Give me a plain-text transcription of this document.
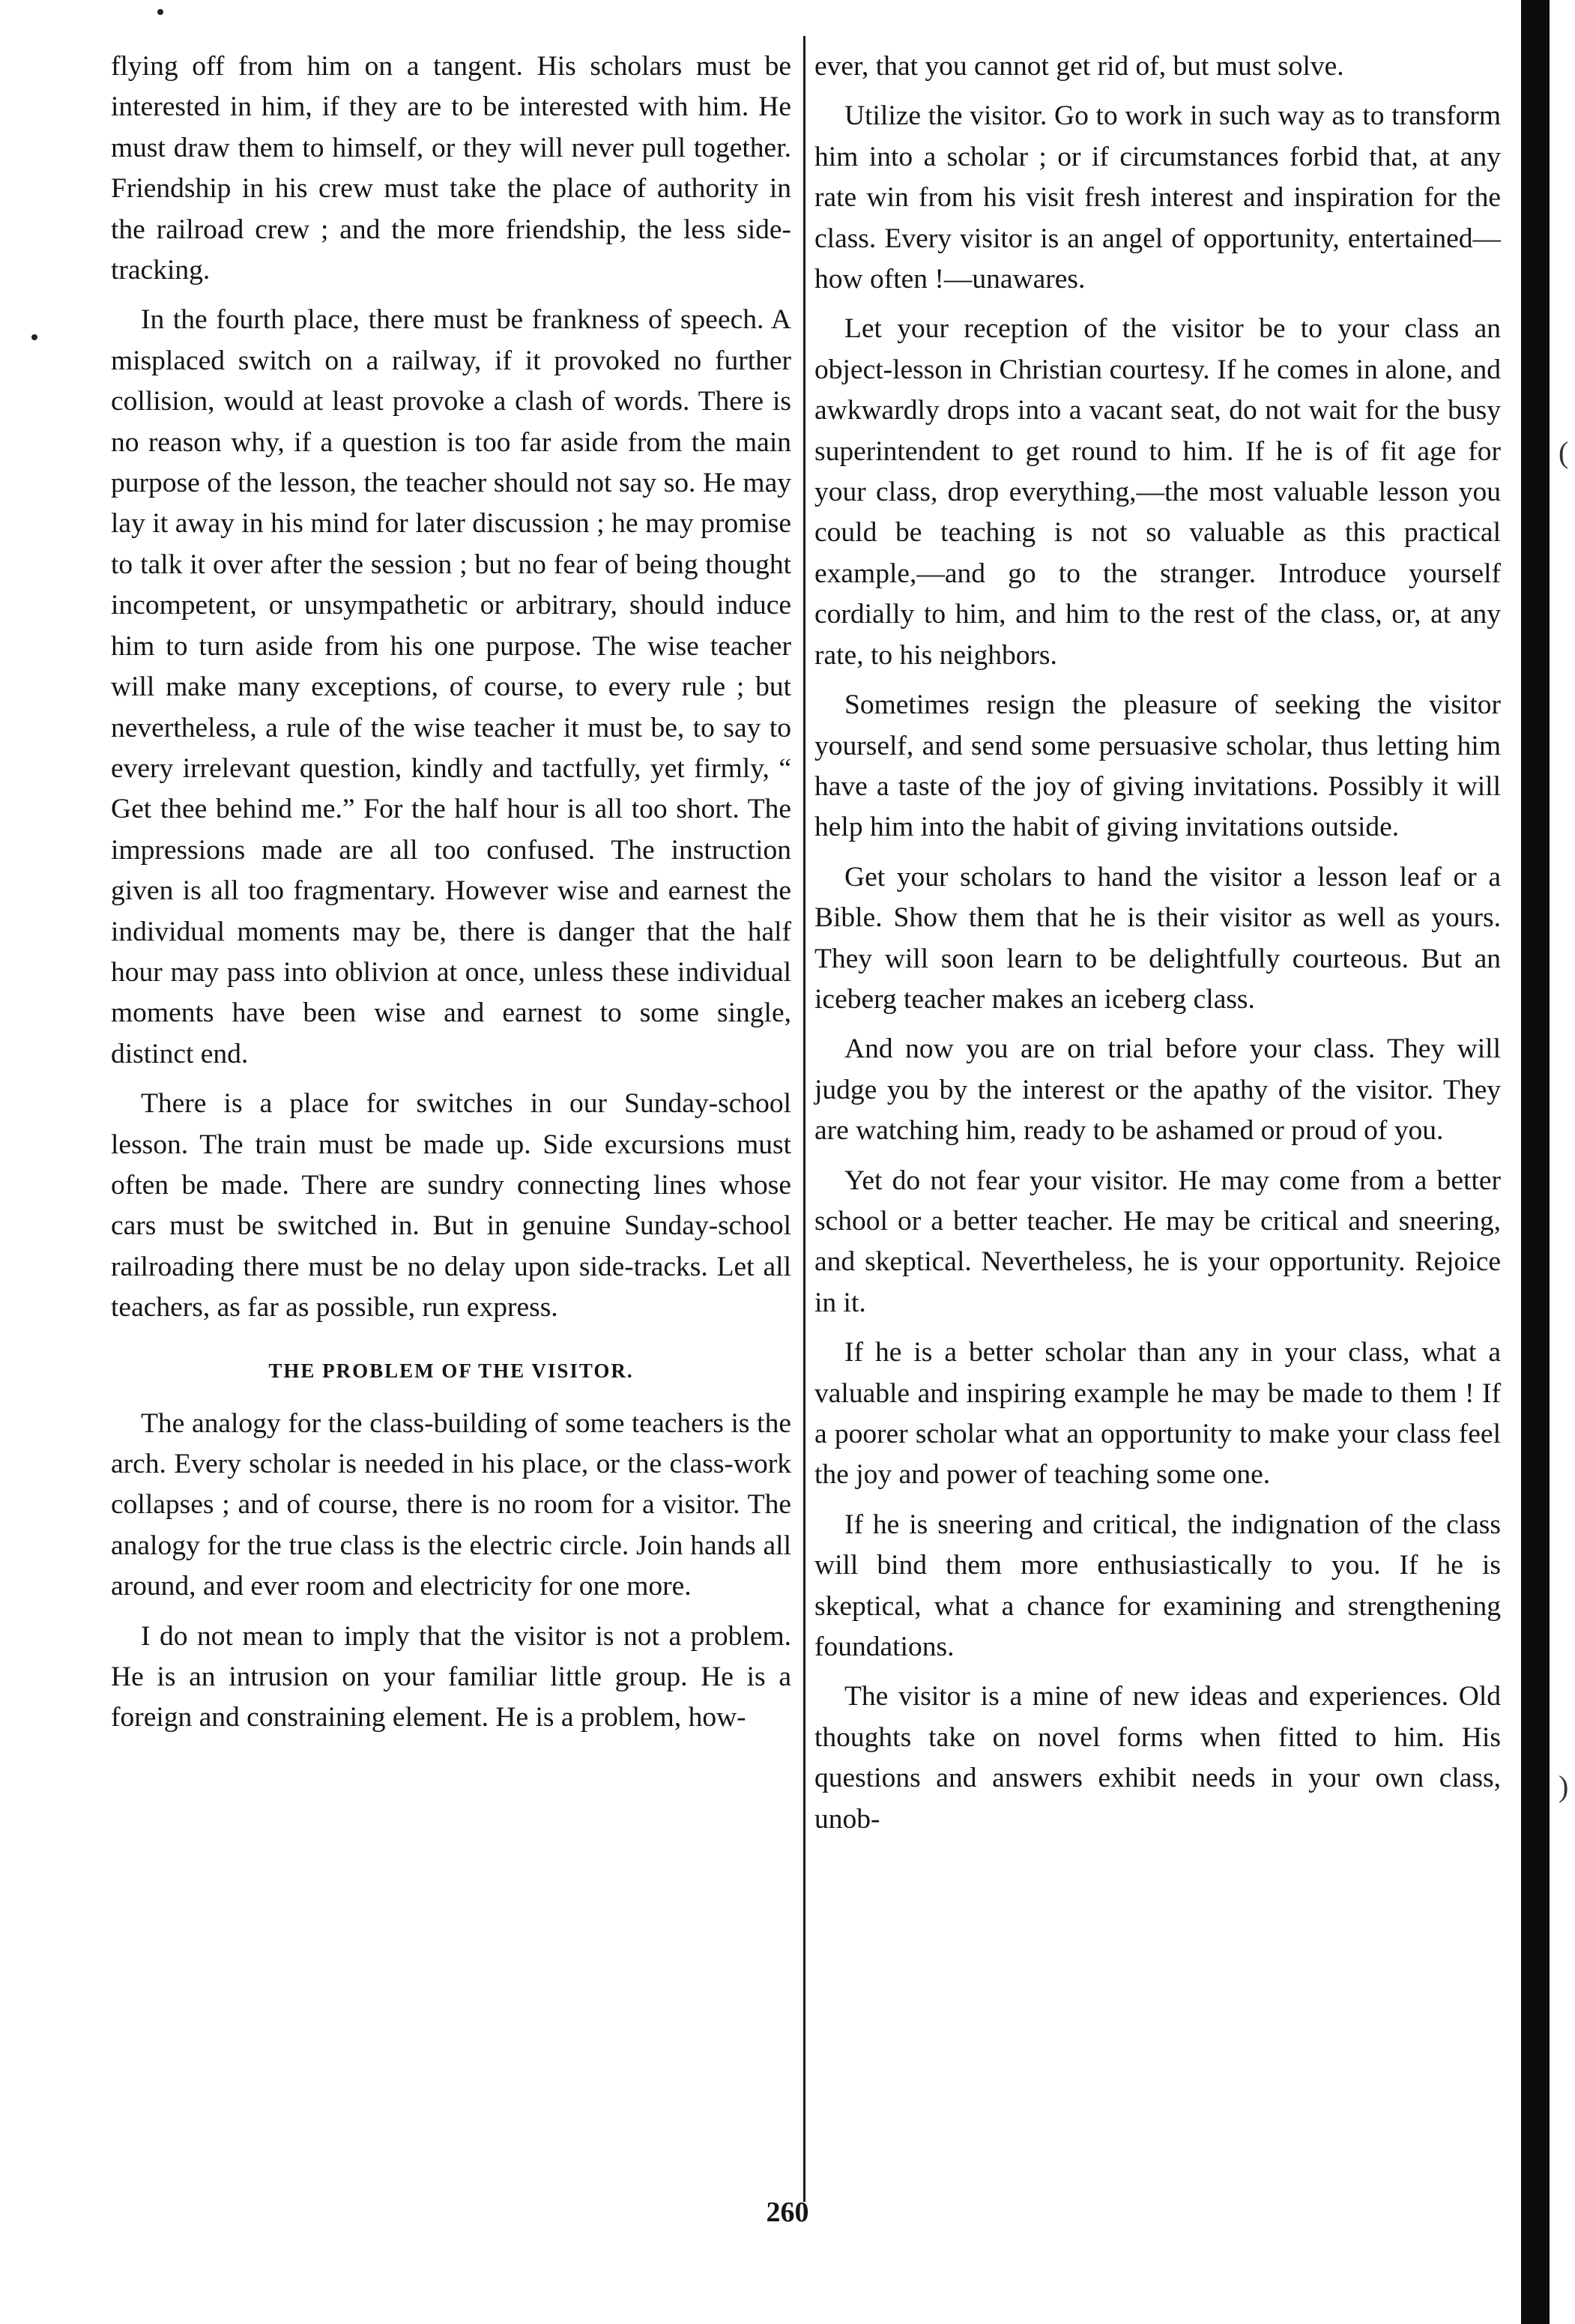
flying off from him on a tangent. His scholars must be interested in him, if they are to be interested with him. He must draw them to himself, or they will never pull together. Friendship in his crew must take the place of authority in the railroad crew ; and the more friendship, the less side-tracking.

In the fourth place, there must be frankness of speech. A misplaced switch on a railway, if it provoked no further collision, would at least provoke a clash of words. There is no reason why, if a question is too far aside from the main purpose of the lesson, the teacher should not say so. He may lay it away in his mind for later discussion ; he may promise to talk it over after the session ; but no fear of being thought incompetent, or unsympathetic or arbitrary, should induce him to turn aside from his one purpose. The wise teacher will make many exceptions, of course, to every rule ; but nevertheless, a rule of the wise teacher it must be, to say to every irrelevant question, kindly and tactfully, yet firmly, “ Get thee behind me.” For the half hour is all too short. The impressions made are all too confused. The instruction given is all too fragmentary. However wise and earnest the individual moments may be, there is danger that the half hour may pass into oblivion at once, unless these individual moments have been wise and earnest to some single, distinct end.

There is a place for switches in our Sunday-school lesson. The train must be made up. Side excursions must often be made. There are sundry connecting lines whose cars must be switched in. But in genuine Sunday-school railroading there must be no delay upon side-tracks. Let all teachers, as far as possible, run express.

THE PROBLEM OF THE VISITOR.

The analogy for the class-building of some teachers is the arch. Every scholar is needed in his place, or the class-work collapses ; and of course, there is no room for a visitor. The analogy for the true class is the electric circle. Join hands all around, and ever room and electricity for one more.

I do not mean to imply that the visitor is not a problem. He is an intrusion on your familiar little group. He is a foreign and constraining element. He is a problem, how-

ever, that you cannot get rid of, but must solve.

Utilize the visitor. Go to work in such way as to transform him into a scholar ; or if circumstances forbid that, at any rate win from his visit fresh interest and inspiration for the class. Every visitor is an angel of opportunity, entertained—how often !—unawares.

Let your reception of the visitor be to your class an object-lesson in Christian courtesy. If he comes in alone, and awkwardly drops into a vacant seat, do not wait for the busy superintendent to get round to him. If he is of fit age for your class, drop everything,—the most valuable lesson you could be teaching is not so valuable as this practical example,—and go to the stranger. Introduce yourself cordially to him, and him to the rest of the class, or, at any rate, to his neighbors.

Sometimes resign the pleasure of seeking the visitor yourself, and send some persuasive scholar, thus letting him have a taste of the joy of giving invitations. Possibly it will help him into the habit of giving invitations outside.

Get your scholars to hand the visitor a lesson leaf or a Bible. Show them that he is their visitor as well as yours. They will soon learn to be delightfully courteous. But an iceberg teacher makes an iceberg class.

And now you are on trial before your class. They will judge you by the interest or the apathy of the visitor. They are watching him, ready to be ashamed or proud of you.

Yet do not fear your visitor. He may come from a better school or a better teacher. He may be critical and sneering, and skeptical. Nevertheless, he is your opportunity. Rejoice in it.

If he is a better scholar than any in your class, what a valuable and inspiring example he may be made to them ! If a poorer scholar what an opportunity to make your class feel the joy and power of teaching some one.

If he is sneering and critical, the indignation of the class will bind them more enthusiastically to you. If he is skeptical, what a chance for examining and strengthening foundations.

The visitor is a mine of new ideas and experiences. Old thoughts take on novel forms when fitted to him. His questions and answers exhibit needs in your own class, unob-

260
(
)
